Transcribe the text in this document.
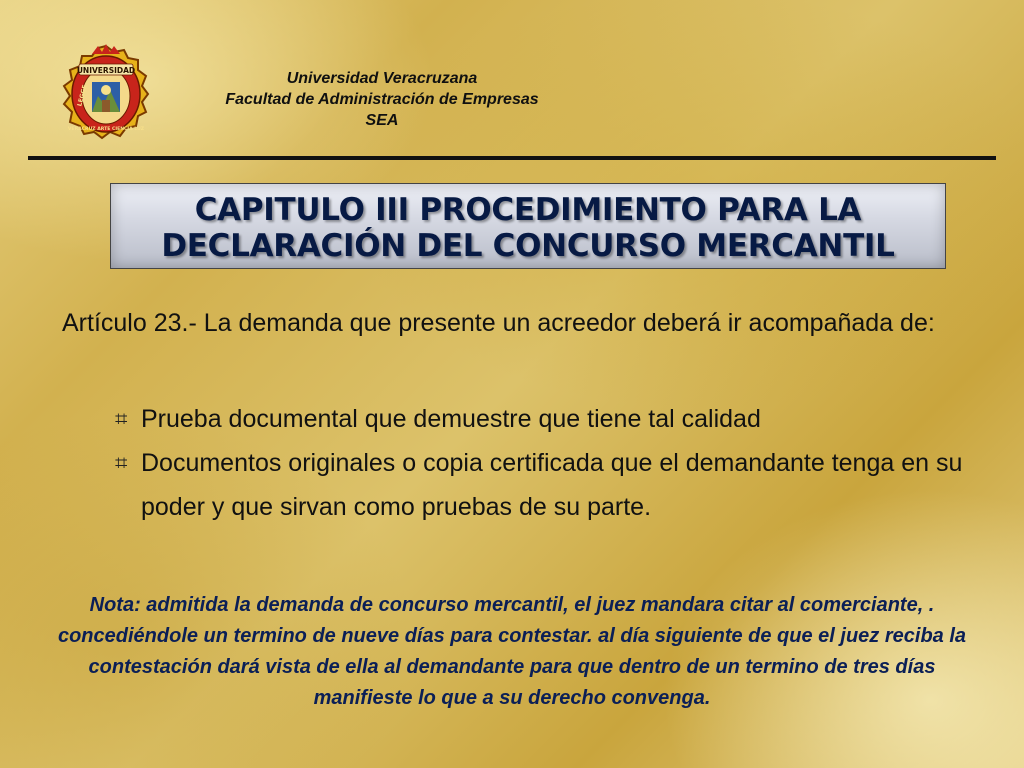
UNIVERSIDAD
LEGGE
VERACRUZ ARTE CIENCIA LUZ
Universidad Veracruzana
Facultad de Administración de Empresas
SEA
CAPITULO III PROCEDIMIENTO PARA LA
DECLARACIÓN DEL CONCURSO MERCANTIL
Artículo 23.- La demanda que presente un acreedor deberá ir acompañada de:
⌗ Prueba documental que demuestre que tiene tal calidad
⌗ Documentos originales o copia certificada que el demandante tenga en su poder y que sirvan como pruebas de su parte.
Nota: admitida la demanda de concurso mercantil, el juez mandara citar al comerciante, . concediéndole un termino de nueve días para contestar. al día siguiente de que el juez reciba la contestación dará vista de ella al demandante para que dentro de un termino de tres días manifieste lo que a su derecho convenga.
